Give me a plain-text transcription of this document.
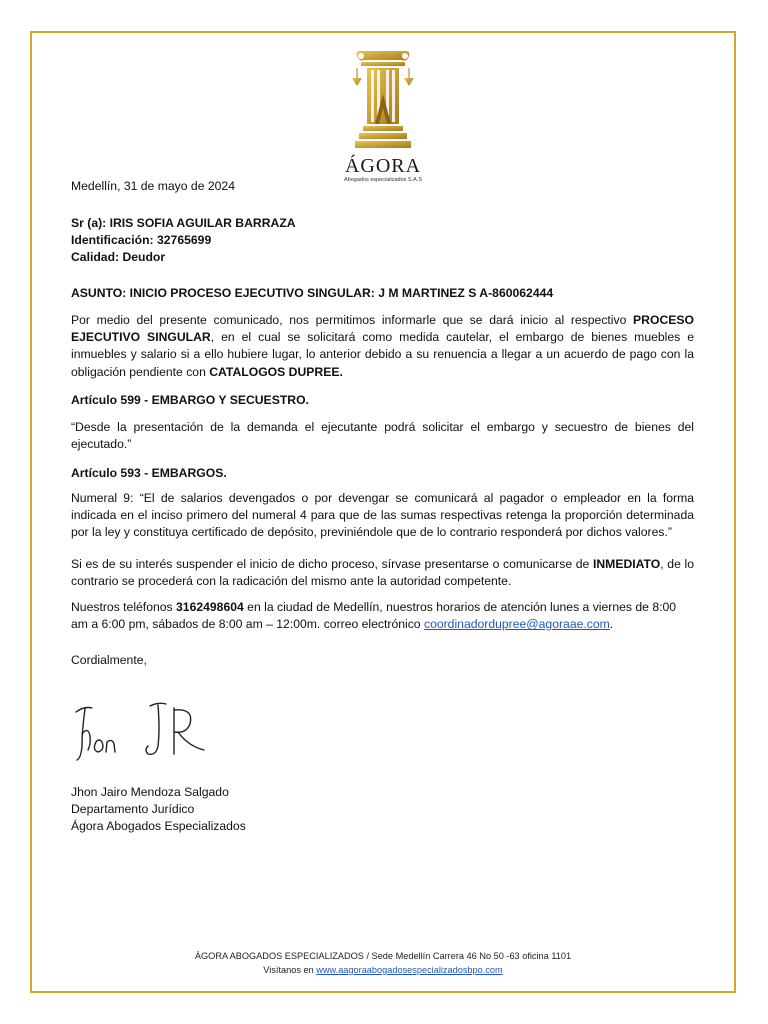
ÁGORA
Abogados especializados S.A.S
Medellín, 31 de mayo de 2024
Sr (a): IRIS SOFIA AGUILAR BARRAZA
Identificación: 32765699
Calidad: Deudor
ASUNTO: INICIO PROCESO EJECUTIVO SINGULAR: J M MARTINEZ S A-860062444
Por medio del presente comunicado, nos permitimos informarle que se dará inicio al respectivo PROCESO EJECUTIVO SINGULAR, en el cual se solicitará como medida cautelar, el embargo de bienes muebles e inmuebles y salario si a ello hubiere lugar, lo anterior debido a su renuencia a llegar a un acuerdo de pago con la obligación pendiente con CATALOGOS DUPREE.
Artículo 599 - EMBARGO Y SECUESTRO.
“Desde la presentación de la demanda el ejecutante podrá solicitar el embargo y secuestro de bienes del ejecutado.”
Artículo 593 - EMBARGOS.
Numeral 9: “El de salarios devengados o por devengar se comunicará al pagador o empleador en la forma indicada en el inciso primero del numeral 4 para que de las sumas respectivas retenga la proporción determinada por la ley y constituya certificado de depósito, previniéndole que de lo contrario responderá por dichos valores.”
Si es de su interés suspender el inicio de dicho proceso, sírvase presentarse o comunicarse de INMEDIATO, de lo contrario se procederá con la radicación del mismo ante la autoridad competente.
Nuestros teléfonos 3162498604 en la ciudad de Medellín, nuestros horarios de atención lunes a viernes de 8:00 am a 6:00 pm, sábados de 8:00 am – 12:00m. correo electrónico coordinadordupree@agoraae.com.
Cordialmente,
Jhon Jairo Mendoza Salgado
Departamento Jurídico
Ágora Abogados Especializados
ÁGORA ABOGADOS ESPECIALIZADOS / Sede Medellín Carrera 46 No 50 -63 oficina 1101
Visítanos en www.aagoraabogadosespecializadosbpo.com
